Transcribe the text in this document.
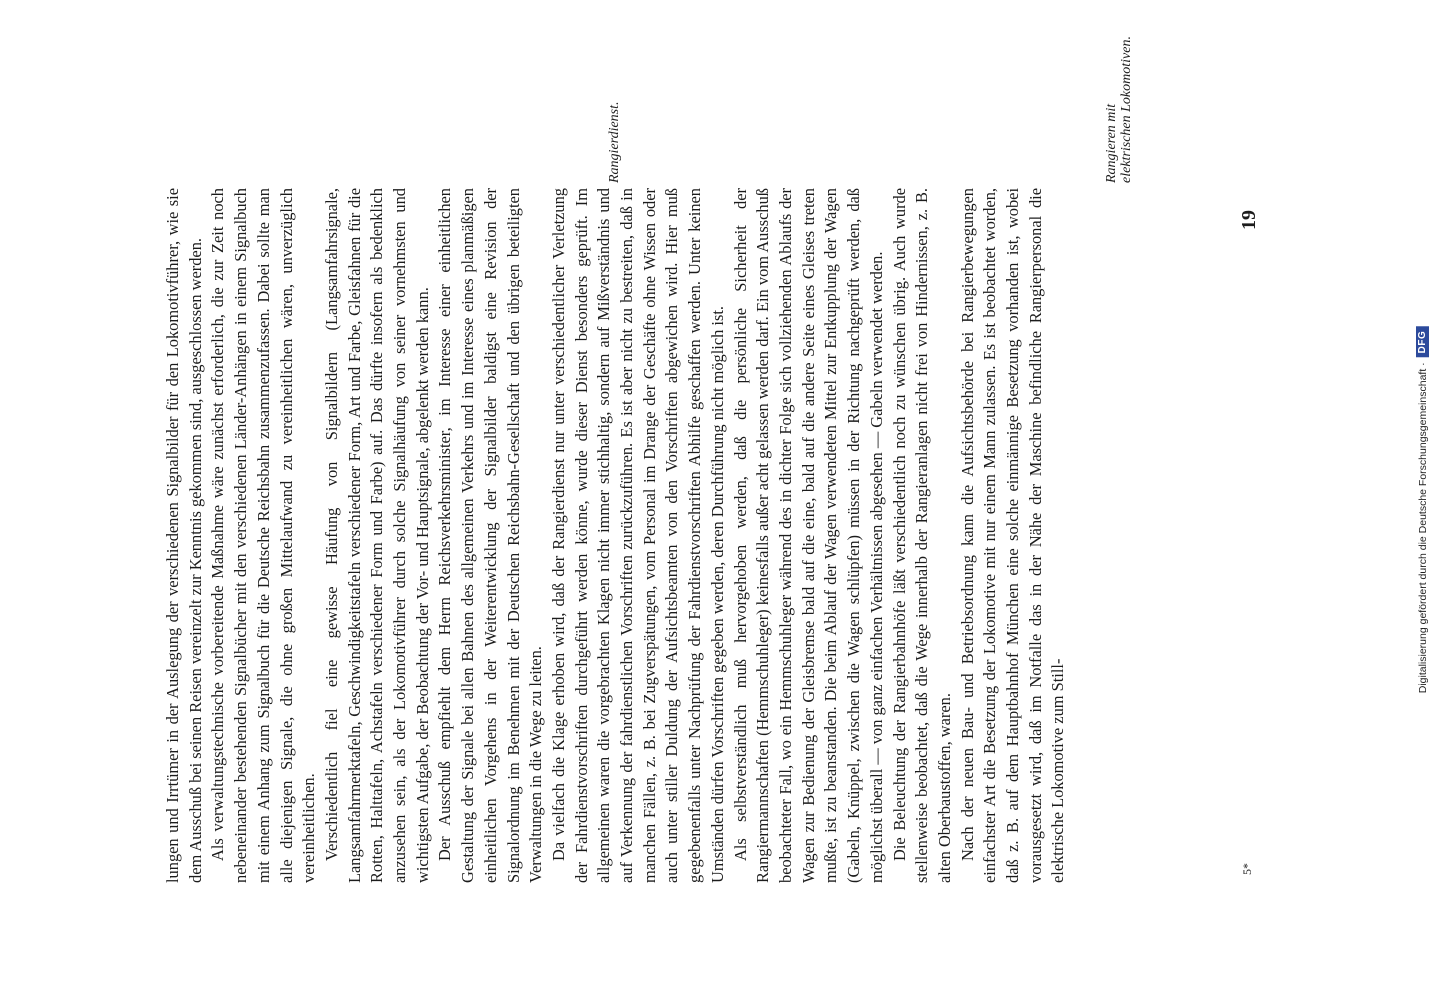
lungen und Irrtümer in der Auslegung der verschiedenen Signalbilder für den Lokomotivführer, wie sie dem Ausschuß bei seinen Reisen vereinzelt zur Kenntnis gekommen sind, ausgeschlossen werden. Als verwaltungstechnische vorbereitende Maßnahme wäre zunächst erforderlich, die zur Zeit noch nebeneinander bestehenden Signalbücher mit den verschiedenen Länder-Anhängen in einem Signalbuch mit einem Anhang zum Signalbuch für die Deutsche Reichsbahn zusammenzufassen. Dabei sollte man alle diejenigen Signale, die ohne großen Mittelaufwand zu vereinheitlichen wären, unverzüglich vereinheitlichen. Verschiedentlich fiel eine gewisse Häufung von Signalbildern (Langsamfahrsignale, Langsamfahrmerktafeln, Geschwindigkeitstafeln verschiedener Form, Art und Farbe, Gleisfahnen für die Rotten, Halttafeln, Achstafeln verschiedener Form und Farbe) auf. Das dürfte insofern als bedenklich anzusehen sein, als der Lokomotivführer durch solche Signalhäufung von seiner vornehmsten und wichtigsten Aufgabe, der Beobachtung der Vor- und Hauptsignale, abgelenkt werden kann. Der Ausschuß empfiehlt dem Herrn Reichsverkehrsminister, im Interesse einer einheitlichen Gestaltung der Signale bei allen Bahnen des allgemeinen Verkehrs und im Interesse eines planmäßigen einheitlichen Vorgehens in der Weiterentwicklung der Signalbilder baldigst eine Revision der Signalordnung im Benehmen mit der Deutschen Reichsbahn-Gesellschaft und den übrigen beteiligten Verwaltungen in die Wege zu leiten. Da vielfach die Klage erhoben wird, daß der Rangierdienst nur unter verschiedentlicher Verletzung der Fahrdienstvorschriften durchgeführt werden könne, wurde dieser Dienst besonders geprüft. Im allgemeinen waren die vorgebrachten Klagen nicht immer stichhaltig, sondern auf Mißverständnis und auf Verkennung der fahrdienstlichen Vorschriften zurückzuführen. Es ist aber nicht zu bestreiten, daß in manchen Fällen, z. B. bei Zugverspätungen, vom Personal im Drange der Geschäfte ohne Wissen oder auch unter stiller Duldung der Aufsichtsbeamten von den Vorschriften abgewichen wird. Hier muß gegebenenfalls unter Nachprüfung der Fahrdienstvorschriften Abhilfe geschaffen werden. Unter keinen Umständen dürfen Vorschriften gegeben werden, deren Durchführung nicht möglich ist. Als selbstverständlich muß hervorgehoben werden, daß die persönliche Sicherheit der Rangiermannschaften (Hemmschuhleger) keinesfalls außer acht gelassen werden darf. Ein vom Ausschuß beobachteter Fall, wo ein Hemmschuhleger während des in dichter Folge sich vollziehenden Ablaufs der Wagen zur Bedienung der Gleisbremse bald auf die eine, bald auf die andere Seite eines Gleises treten mußte, ist zu beanstanden. Die beim Ablauf der Wagen verwendeten Mittel zur Entkupplung der Wagen (Gabeln, Knüppel, zwischen die Wagen schlüpfen) müssen in der Richtung nachgeprüft werden, daß möglichst überall — von ganz einfachen Verhältnissen abgesehen — Gabeln verwendet werden. Die Beleuchtung der Rangierbahnhöfe läßt verschiedentlich noch zu wünschen übrig. Auch wurde stellenweise beobachtet, daß die Wege innerhalb der Rangieranlagen nicht frei von Hindernissen, z. B. alten Oberbaustoffen, waren. Nach der neuen Bau- und Betriebsordnung kann die Aufsichtsbehörde bei Rangierbewegungen einfachster Art die Besetzung der Lokomotive mit nur einem Mann zulassen. Es ist beobachtet worden, daß z. B. auf dem Hauptbahnhof München eine solche einmännige Besetzung vorhanden ist, wobei vorausgesetzt wird, daß im Notfalle das in der Nähe der Maschine befindliche Rangierpersonal die elektrische Lokomotive zum Still-

Rangierdienst.	Rangieren mit elektrischen Lokomotiven.
19
5*
Digitalisierung gefördert durch die Deutsche Forschungsgemeinschaft ·
DFG
